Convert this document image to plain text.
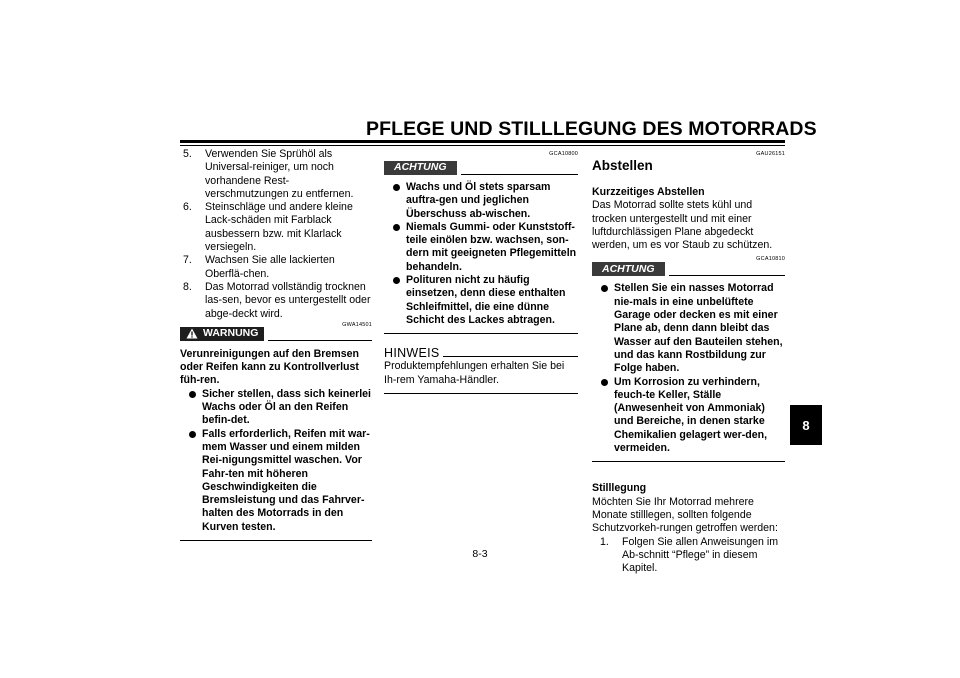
PFLEGE UND STILLLEGUNG DES MOTORRADS
8
5. Verwenden Sie Sprühöl als Universal-reiniger, um noch vorhandene Rest-verschmutzungen zu entfernen.
6. Steinschläge und andere kleine Lack-schäden mit Farblack ausbessern bzw. mit Klarlack versiegeln.
7. Wachsen Sie alle lackierten Oberflä-chen.
8. Das Motorrad vollständig trocknen las-sen, bevor es untergestellt oder abge-deckt wird.
WARNUNG
GWA14501
Verunreinigungen auf den Bremsen oder Reifen kann zu Kontrollverlust füh-ren.
Sicher stellen, dass sich keinerlei Wachs oder Öl an den Reifen befin-det.
Falls erforderlich, Reifen mit war-mem Wasser und einem milden Rei-nigungsmittel waschen. Vor Fahr-ten mit höheren Geschwindigkeiten die Bremsleistung und das Fahrver-halten des Motorrads in den Kurven testen.
GCA10800
ACHTUNG
Wachs und Öl stets sparsam auftra-gen und jeglichen Überschuss ab-wischen.
Niemals Gummi- oder Kunststoff-teile einölen bzw. wachsen, son-dern mit geeigneten Pflegemitteln behandeln.
Polituren nicht zu häufig einsetzen, denn diese enthalten Schleifmittel, die eine dünne Schicht des Lackes abtragen.
HINWEIS
Produktempfehlungen erhalten Sie bei Ih-rem Yamaha-Händler.
GAU26151
Abstellen
Kurzzeitiges Abstellen
Das Motorrad sollte stets kühl und trocken untergestellt und mit einer luftdurchlässigen Plane abgedeckt werden, um es vor Staub zu schützen.
GCA10810
ACHTUNG
Stellen Sie ein nasses Motorrad nie-mals in eine unbelüftete Garage oder decken es mit einer Plane ab, denn dann bleibt das Wasser auf den Bauteilen stehen, und das kann Rostbildung zur Folge haben.
Um Korrosion zu verhindern, feuch-te Keller, Ställe (Anwesenheit von Ammoniak) und Bereiche, in denen starke Chemikalien gelagert wer-den, vermeiden.
Stilllegung
Möchten Sie Ihr Motorrad mehrere Monate stilllegen, sollten folgende Schutzvorkeh-rungen getroffen werden:
1. Folgen Sie allen Anweisungen im Ab-schnitt “Pflege” in diesem Kapitel.
8-3
